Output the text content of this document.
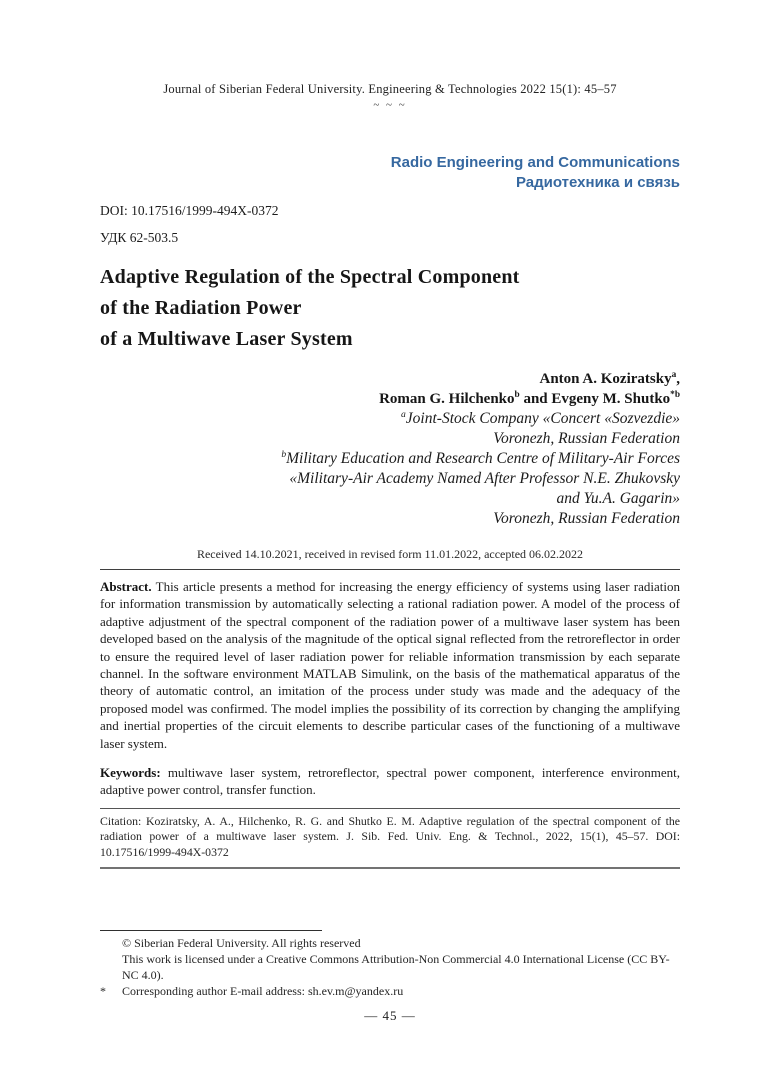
Journal of Siberian Federal University. Engineering & Technologies 2022 15(1): 45–57
~ ~ ~
Radio Engineering and Communications
Радиотехника и связь
DOI: 10.17516/1999-494X-0372
УДК 62-503.5
Adaptive Regulation of the Spectral Component
of the Radiation Power
of a Multiwave Laser System
Anton A. Koziratsky$^a$,
Roman G. Hilchenko$^b$ and Evgeny M. Shutko$^{*b}$
$^a$Joint-Stock Company «Concert «Sozvezdie»
Voronezh, Russian Federation
$^b$Military Education and Research Centre of Military-Air Forces
«Military-Air Academy Named After Professor N.E. Zhukovsky
and Yu.A. Gagarin»
Voronezh, Russian Federation
Received 14.10.2021, received in revised form 11.01.2022, accepted 06.02.2022

Abstract. This article presents a method for increasing the energy efficiency of systems using laser radiation for information transmission by automatically selecting a rational radiation power. A model of the process of adaptive adjustment of the spectral component of the radiation power of a multiwave laser system has been developed based on the analysis of the magnitude of the optical signal reflected from the retroreflector in order to ensure the required level of laser radiation power for reliable information transmission by each separate channel. In the software environment MATLAB Simulink, on the basis of the mathematical apparatus of the theory of automatic control, an imitation of the process under study was made and the adequacy of the proposed model was confirmed. The model implies the possibility of its correction by changing the amplifying and inertial properties of the circuit elements to describe particular cases of the functioning of a multiwave laser system.

Keywords: multiwave laser system, retroreflector, spectral power component, interference environment, adaptive power control, transfer function.

Citation: Koziratsky, A. A., Hilchenko, R. G. and Shutko E. M. Adaptive regulation of the spectral component of the radiation power of a multiwave laser system. J. Sib. Fed. Univ. Eng. & Technol., 2022, 15(1), 45–57. DOI: 10.17516/1999-494X-0372
© Siberian Federal University. All rights reserved
This work is licensed under a Creative Commons Attribution-Non Commercial 4.0 International License (CC BY-NC 4.0).
*	Corresponding author E-mail address: sh.ev.m@yandex.ru
— 45 —
